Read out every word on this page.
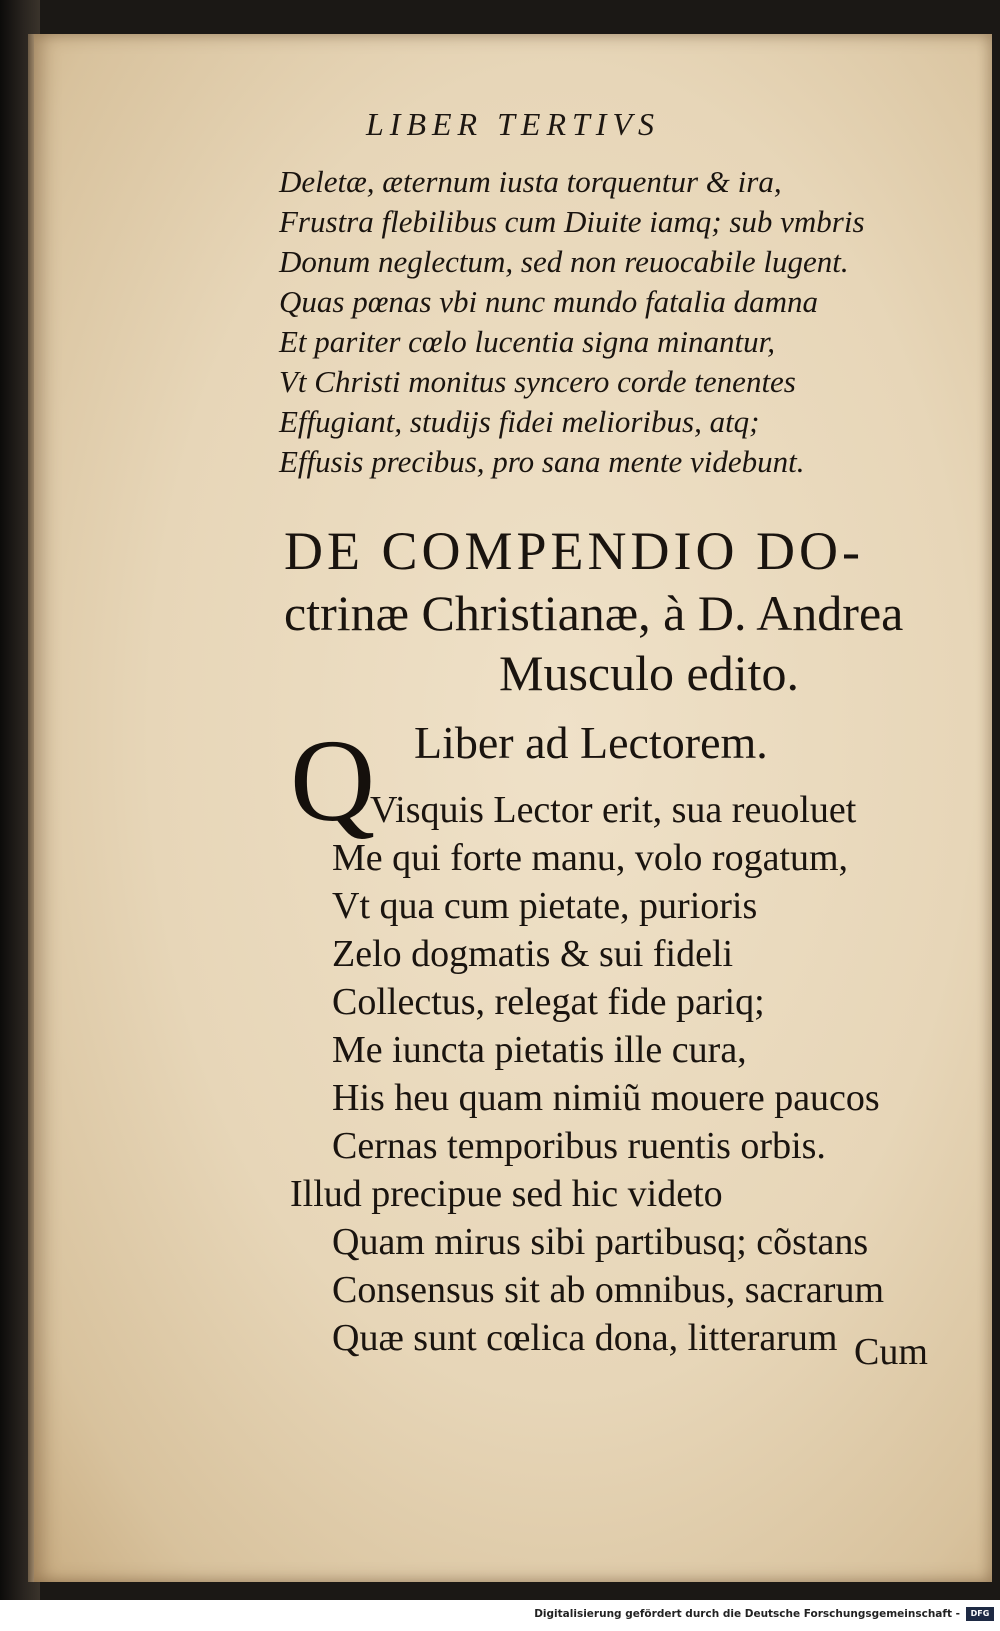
LIBER TERTIVS
Deletæ, æternum iusta torquentur & ira,
Frustra flebilibus cum Diuite iamq; sub vmbris
Donum neglectum, sed non reuocabile lugent.
Quas pœnas vbi nunc mundo fatalia damna
Et pariter cœlo lucentia signa minantur,
Vt Christi monitus syncero corde tenentes
Effugiant, studijs fidei melioribus, atq;
Effusis precibus, pro sana mente videbunt.
DE COMPENDIO DO-
ctrinæ Christianæ, à D. Andrea
Musculo edito.
Liber ad Lectorem.
Q
Visquis Lector erit, sua reuoluet
Me qui forte manu, volo rogatum,
Vt qua cum pietate, purioris
Zelo dogmatis & sui fideli
Collectus, relegat fide pariq;
Me iuncta pietatis ille cura,
His heu quam nimiũ mouere paucos
Cernas temporibus ruentis orbis.
Illud precipue sed hic videto
Quam mirus sibi partibusq; cõstans
Consensus sit ab omnibus, sacrarum
Quæ sunt cœlica dona, litterarum Cum
Digitalisierung gefördert durch die Deutsche Forschungsgemeinschaft -	DFG
